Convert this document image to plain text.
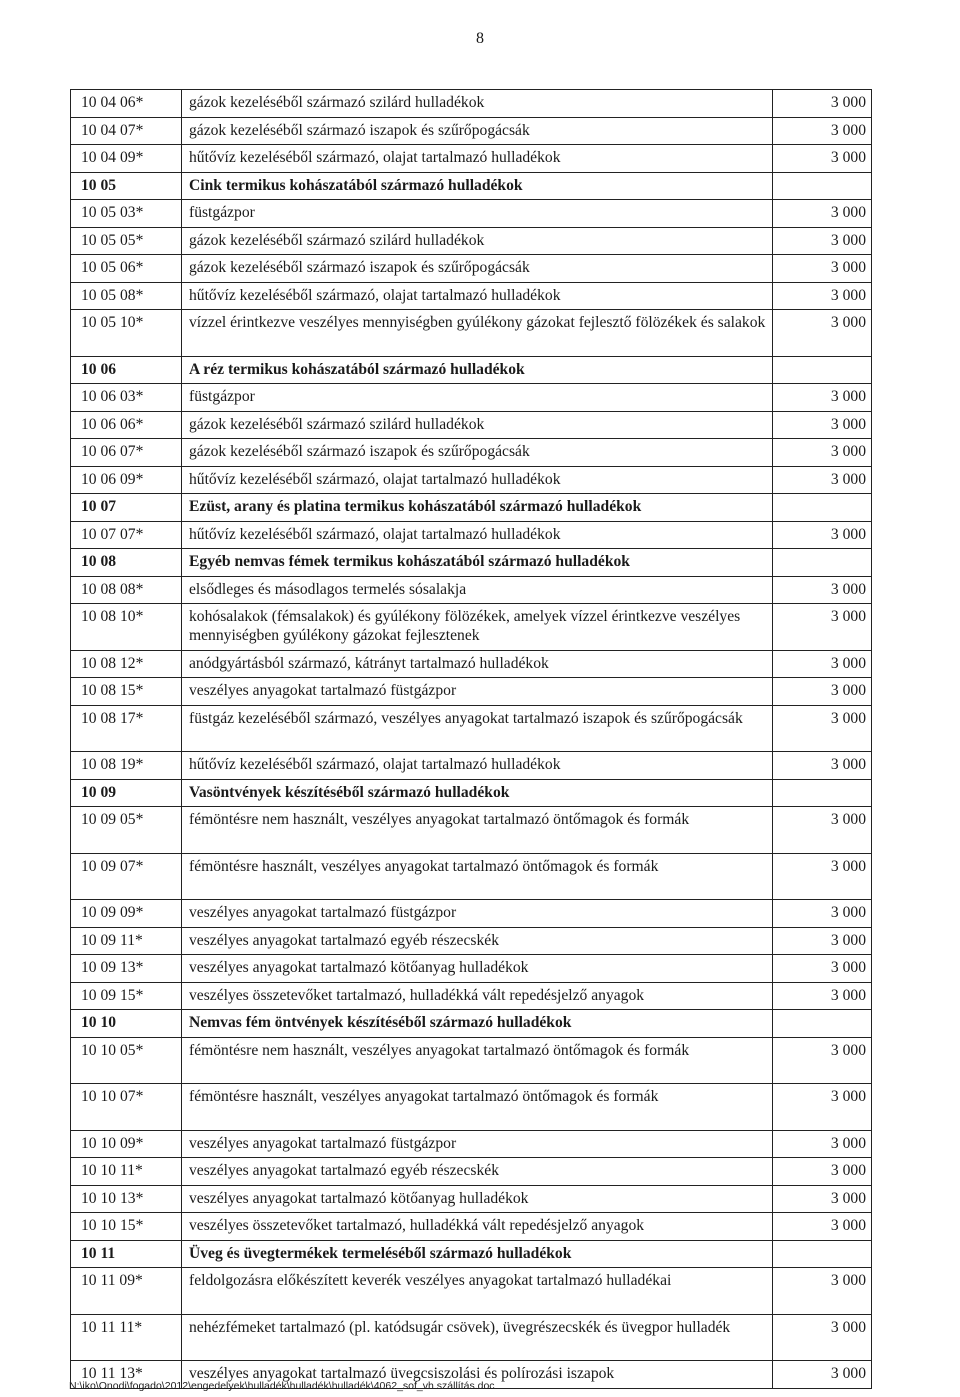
8
10 04 06*	gázok kezeléséből származó szilárd hulladékok	3 000
10 04 07*	gázok kezeléséből származó iszapok és szűrőpogácsák	3 000
10 04 09*	hűtővíz kezeléséből származó, olajat tartalmazó hulladékok	3 000
10 05	Cink termikus kohászatából származó hulladékok	
10 05 03*	füstgázpor	3 000
10 05 05*	gázok kezeléséből származó szilárd hulladékok	3 000
10 05 06*	gázok kezeléséből származó iszapok és szűrőpogácsák	3 000
10 05 08*	hűtővíz kezeléséből származó, olajat tartalmazó hulladékok	3 000
10 05 10*	vízzel érintkezve veszélyes mennyiségben gyúlékony gázokat fejlesztő fölözékek és salakok	3 000
10 06	A réz termikus kohászatából származó hulladékok	
10 06 03*	füstgázpor	3 000
10 06 06*	gázok kezeléséből származó szilárd hulladékok	3 000
10 06 07*	gázok kezeléséből származó iszapok és szűrőpogácsák	3 000
10 06 09*	hűtővíz kezeléséből származó, olajat tartalmazó hulladékok	3 000
10 07	Ezüst, arany és platina termikus kohászatából származó hulladékok	
10 07 07*	hűtővíz kezeléséből származó, olajat tartalmazó hulladékok	3 000
10 08	Egyéb nemvas fémek termikus kohászatából származó hulladékok	
10 08 08*	elsődleges és másodlagos termelés sósalakja	3 000
10 08 10*	kohósalakok (fémsalakok) és gyúlékony fölözékek, amelyek vízzel érintkezve veszélyes mennyiségben gyúlékony gázokat fejlesztenek	3 000
10 08 12*	anódgyártásból származó, kátrányt tartalmazó hulladékok	3 000
10 08 15*	veszélyes anyagokat tartalmazó füstgázpor	3 000
10 08 17*	füstgáz kezeléséből származó, veszélyes anyagokat tartalmazó iszapok és szűrőpogácsák	3 000
10 08 19*	hűtővíz kezeléséből származó, olajat tartalmazó hulladékok	3 000
10 09	Vasöntvények készítéséből származó hulladékok	
10 09 05*	fémöntésre nem használt, veszélyes anyagokat tartalmazó öntőmagok és formák	3 000
10 09 07*	fémöntésre használt, veszélyes anyagokat tartalmazó öntőmagok és formák	3 000
10 09 09*	veszélyes anyagokat tartalmazó füstgázpor	3 000
10 09 11*	veszélyes anyagokat tartalmazó egyéb részecskék	3 000
10 09 13*	veszélyes anyagokat tartalmazó kötőanyag hulladékok	3 000
10 09 15*	veszélyes összetevőket tartalmazó, hulladékká vált repedésjelző anyagok	3 000
10 10	Nemvas fém öntvények készítéséből származó hulladékok	
10 10 05*	fémöntésre nem használt, veszélyes anyagokat tartalmazó öntőmagok és formák	3 000
10 10 07*	fémöntésre használt, veszélyes anyagokat tartalmazó öntőmagok és formák	3 000
10 10 09*	veszélyes anyagokat tartalmazó füstgázpor	3 000
10 10 11*	veszélyes anyagokat tartalmazó egyéb részecskék	3 000
10 10 13*	veszélyes anyagokat tartalmazó kötőanyag hulladékok	3 000
10 10 15*	veszélyes összetevőket tartalmazó, hulladékká vált repedésjelző anyagok	3 000
10 11	Üveg és üvegtermékek termeléséből származó hulladékok	
10 11 09*	feldolgozásra előkészített keverék veszélyes anyagokat tartalmazó hulladékai	3 000
10 11 11*	nehézfémeket tartalmazó (pl. katódsugár csövek), üvegrészecskék és üvegpor hulladék	3 000
10 11 13*	veszélyes anyagokat tartalmazó üvegcsiszolási és polírozási iszapok	3 000
N:\iko\Onodi\fogado\2012\engedelyek\hulladék\hulladék\hulladék\4062_sof_vh szállítás.doc
